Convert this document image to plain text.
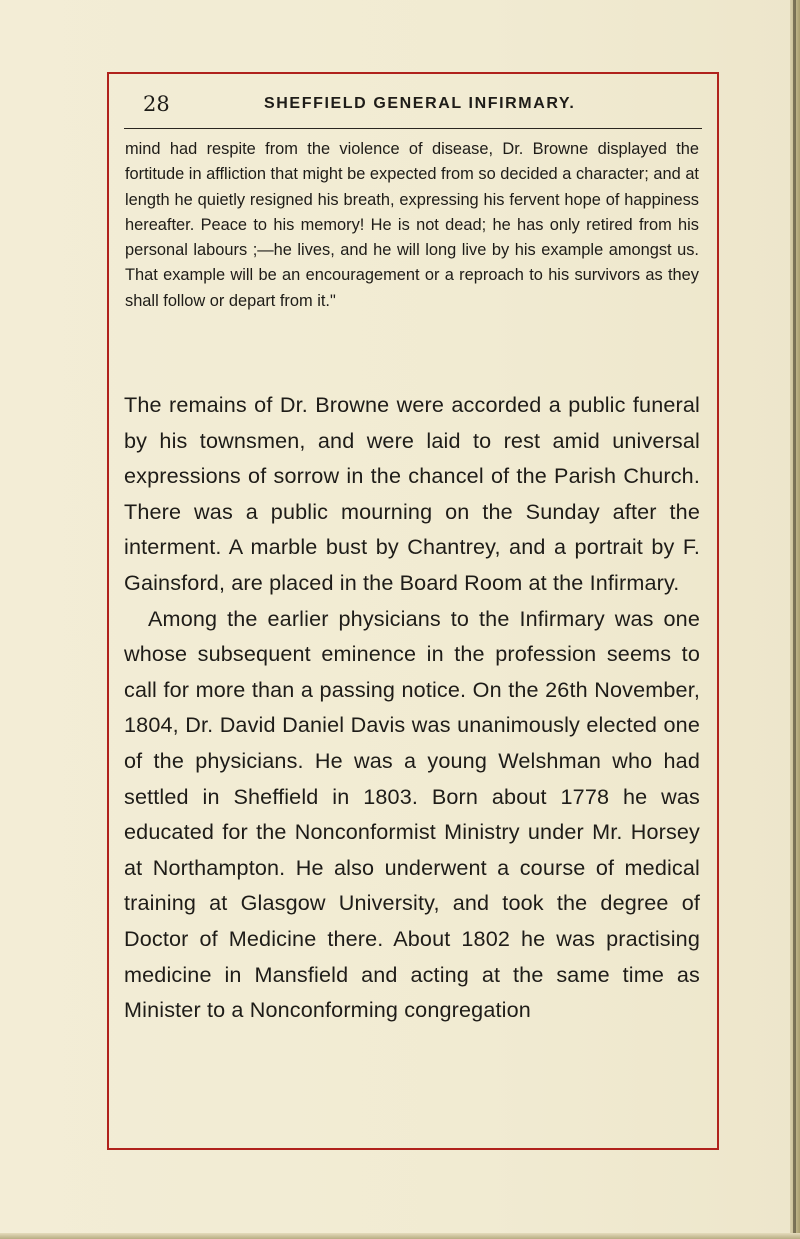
28	SHEFFIELD GENERAL INFIRMARY.

mind had respite from the violence of disease, Dr. Browne displayed the fortitude in affliction that might be expected from so decided a character; and at length he quietly resigned his breath, expressing his fervent hope of happiness hereafter. Peace to his memory! He is not dead; he has only retired from his personal labours ;—he lives, and he will long live by his example amongst us. That example will be an encouragement or a reproach to his survivors as they shall follow or depart from it."

The remains of Dr. Browne were accorded a public funeral by his townsmen, and were laid to rest amid universal expressions of sorrow in the chancel of the Parish Church. There was a public mourning on the Sunday after the interment. A marble bust by Chantrey, and a portrait by F. Gainsford, are placed in the Board Room at the Infirmary.

Among the earlier physicians to the Infirmary was one whose subsequent eminence in the profession seems to call for more than a passing notice. On the 26th November, 1804, Dr. David Daniel Davis was unanimously elected one of the physicians. He was a young Welshman who had settled in Sheffield in 1803. Born about 1778 he was educated for the Nonconformist Ministry under Mr. Horsey at Northampton. He also underwent a course of medical training at Glasgow University, and took the degree of Doctor of Medicine there. About 1802 he was practising medicine in Mansfield and acting at the same time as Minister to a Nonconforming congregation
